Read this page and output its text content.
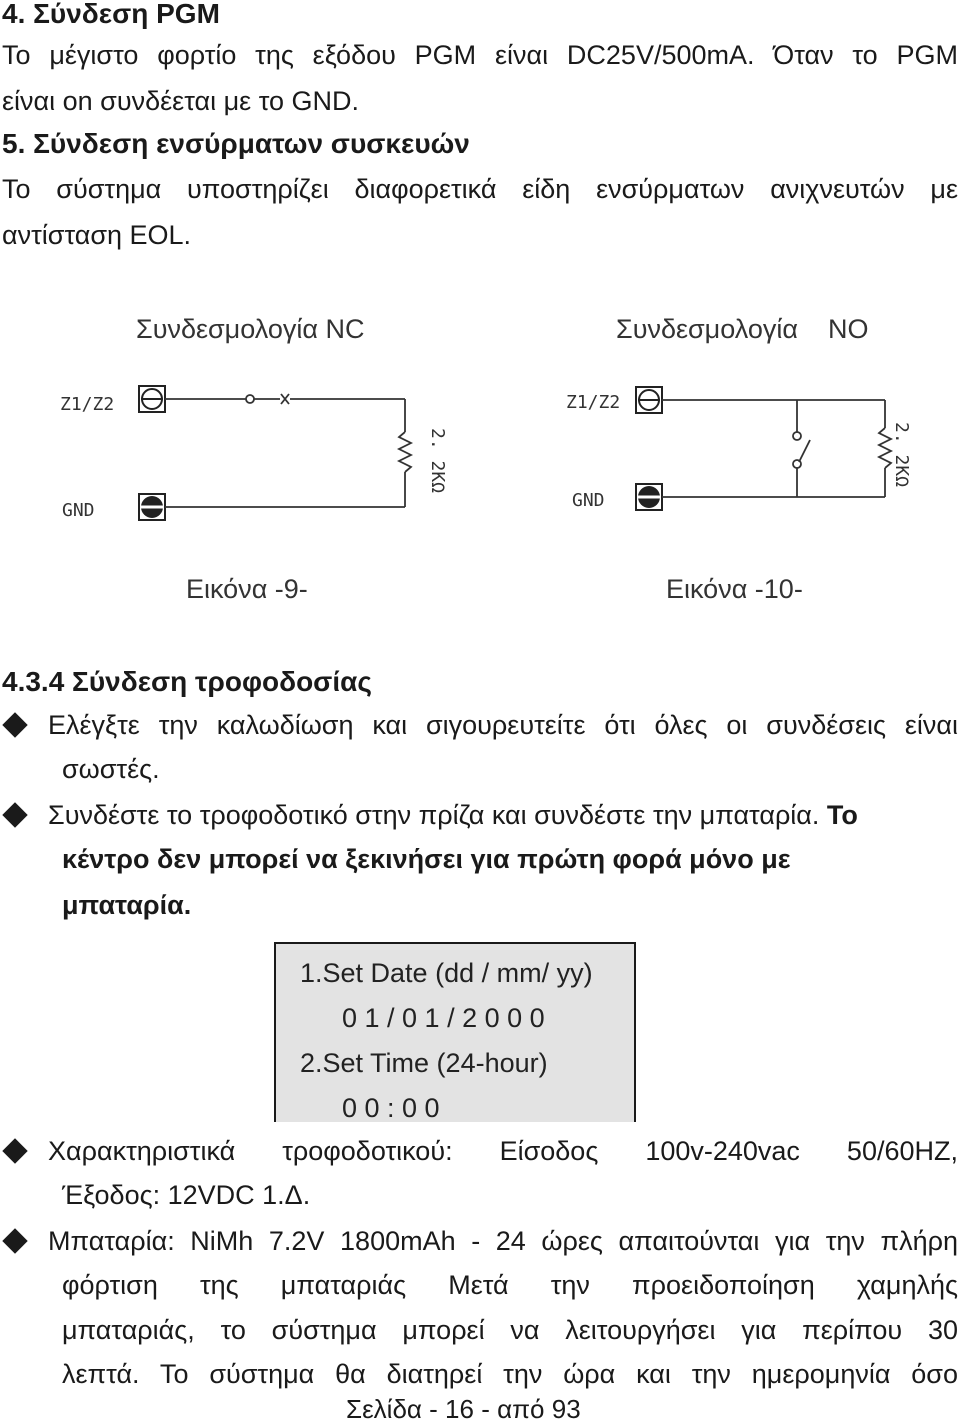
4. Σύνδεση PGM
Το μέγιστο φορτίο της εξόδου PGM είναι DC25V/500mA. Όταν το PGM
είναι on συνδέεται με το GND.
5. Σύνδεση ενσύρματων συσκευών
Το σύστημα υποστηρίζει διαφορετικά είδη ενσύρματων ανιχνευτών με
αντίσταση EOL.
Συνδεσμολογία NC	Συνδεσμολογία    NO
Z1/Z2
GND
2. 2KΩ
Z1/Z2
GND
2. 2KΩ
Εικόνα -9-	Εικόνα -10-
4.3.4 Σύνδεση τροφοδοσίας
Ελέγξτε την καλωδίωση και σιγουρευτείτε ότι όλες οι συνδέσεις είναι
σωστές.
Συνδέστε το τροφοδοτικό στην πρίζα και συνδέστε την μπαταρία. Το
κέντρο δεν μπορεί να ξεκινήσει για πρώτη φορά μόνο με
μπαταρία.
1.Set Date (dd / mm/ yy)
0 1 / 0 1 / 2 0 0 0
2.Set Time (24-hour)
0 0 : 0 0
Χαρακτηριστικά τροφοδοτικού: Είσοδος 100v-240vac 50/60HZ,
Έξοδος: 12VDC 1.Δ.
Μπαταρία: NiMh 7.2V 1800mAh - 24 ώρες απαιτούνται για την πλήρη
φόρτιση της μπαταριάς Μετά την προειδοποίηση χαμηλής
μπαταριάς, το σύστημα μπορεί να λειτουργήσει για περίπου 30
λεπτά. Το σύστημα θα διατηρεί την ώρα και την ημερομηνία όσο
Σελίδα - 16 - από 93
